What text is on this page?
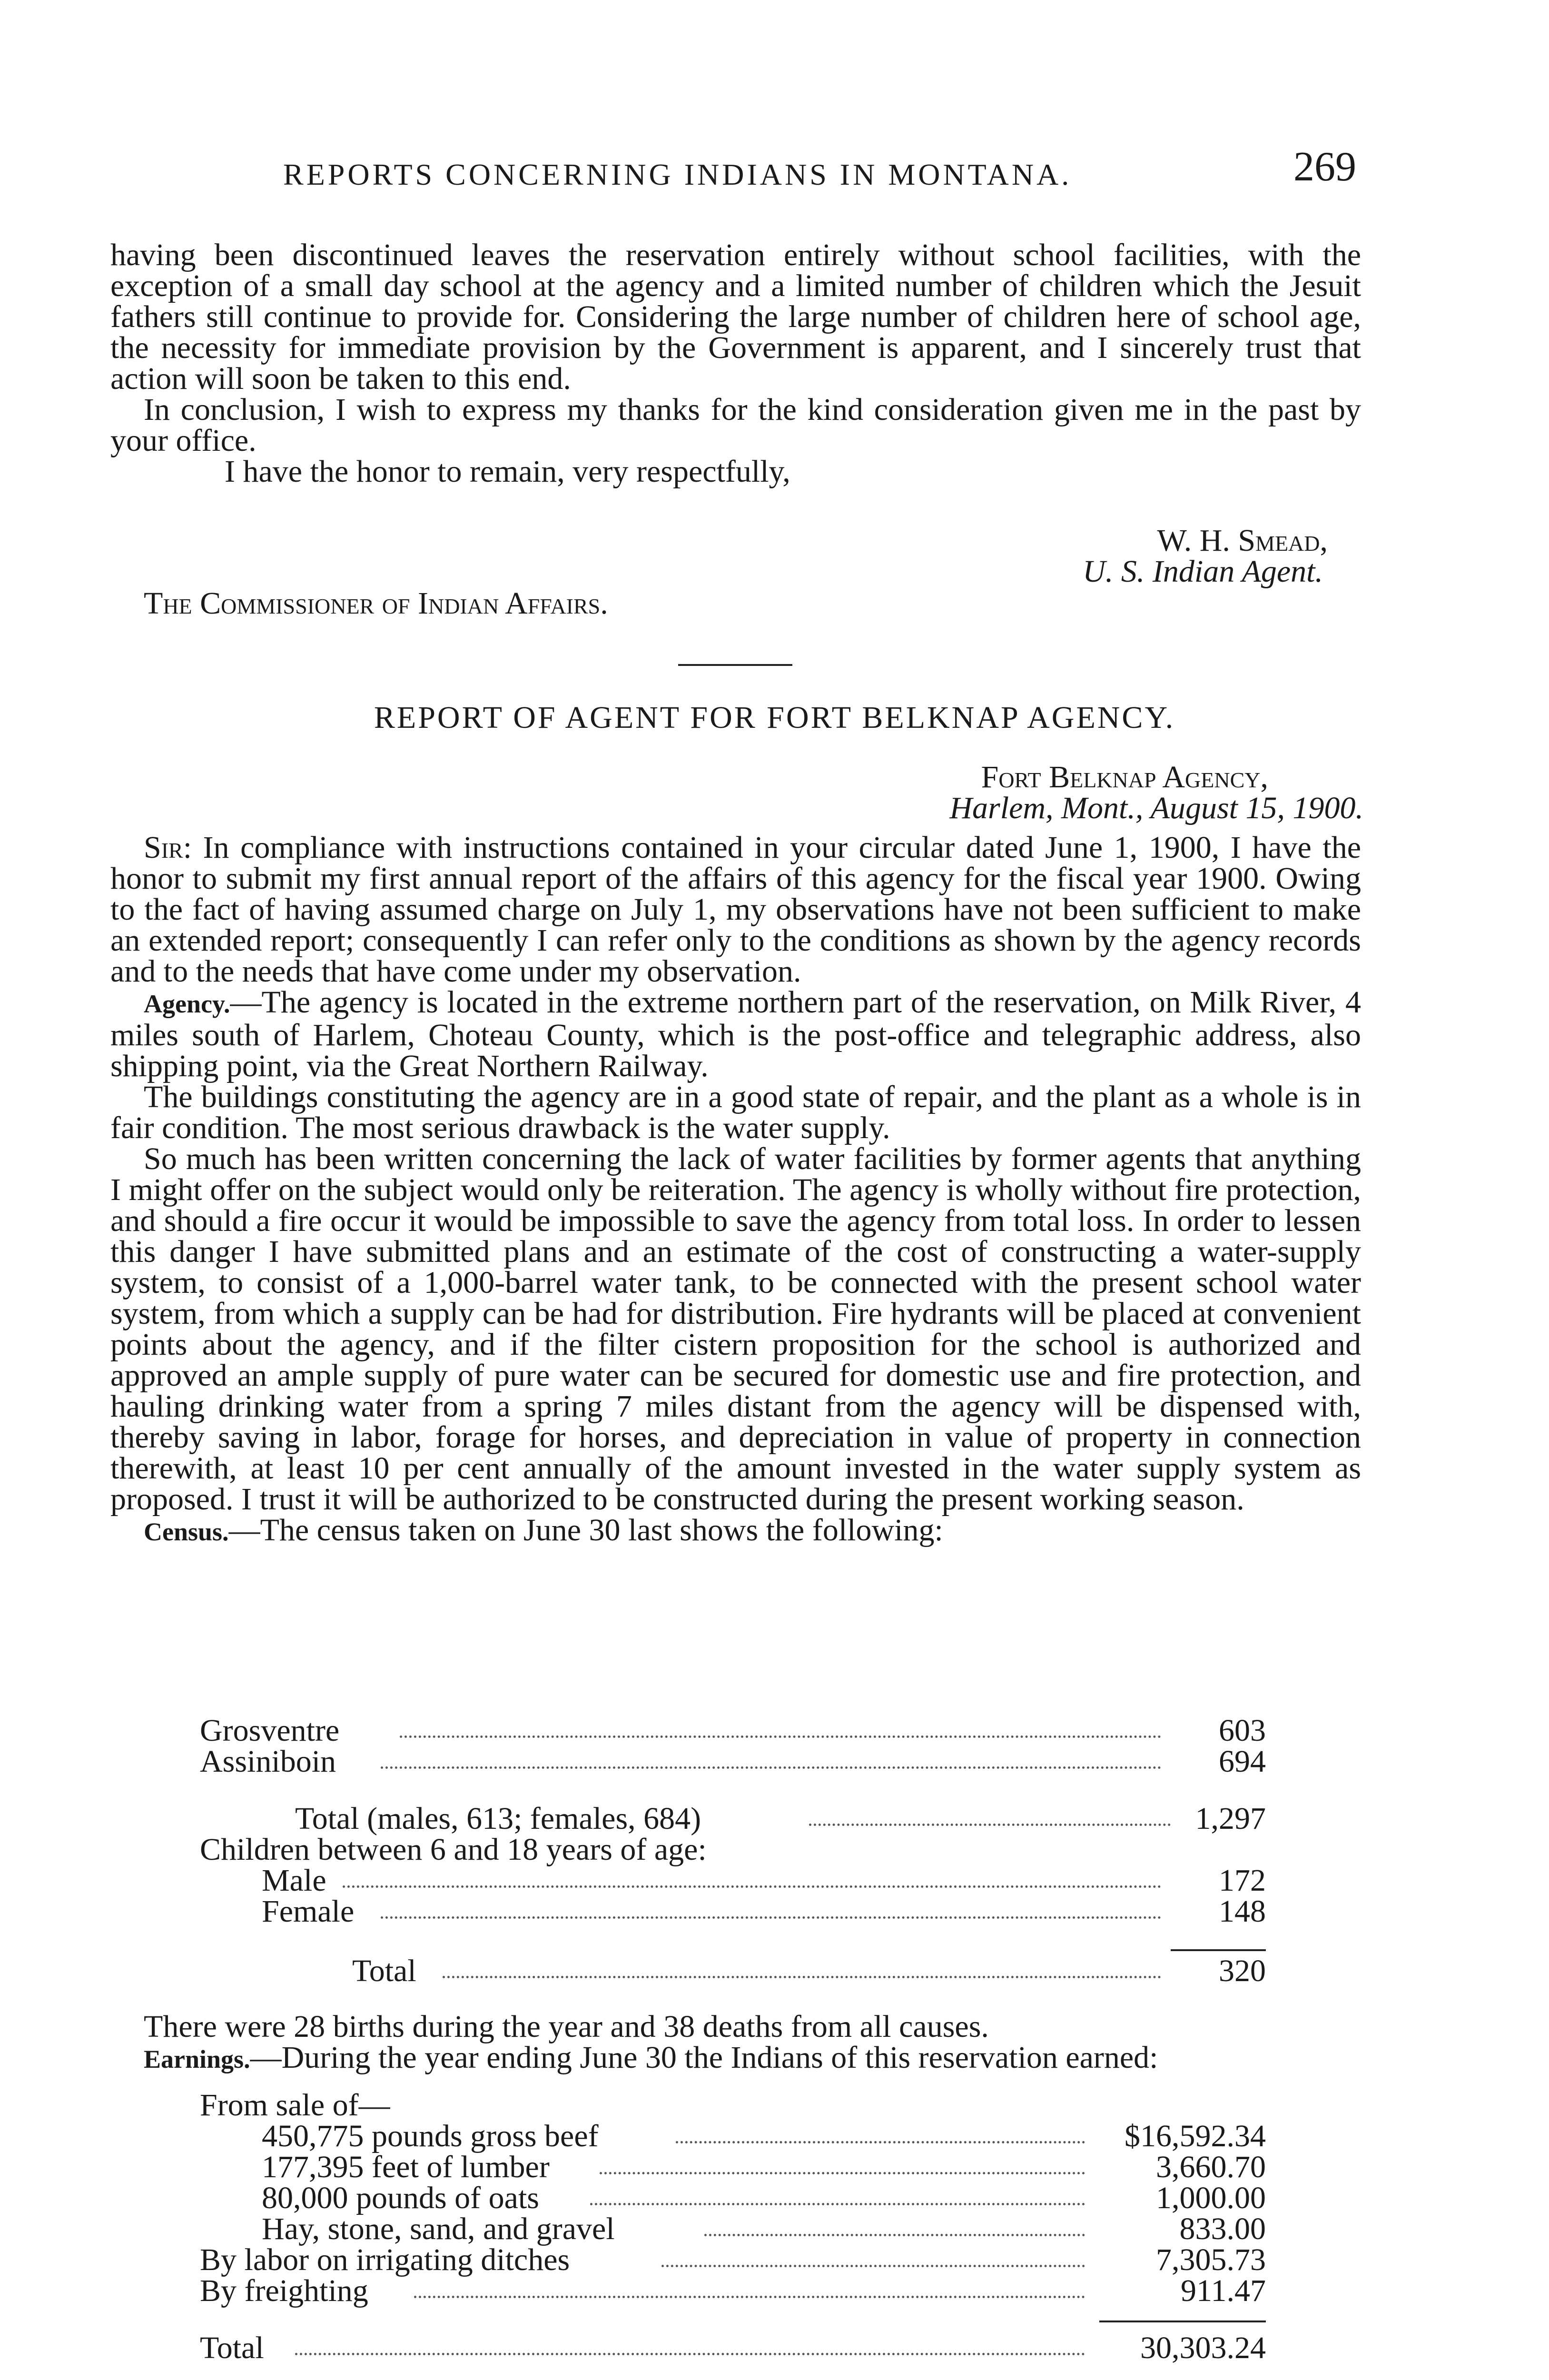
REPORTS CONCERNING INDIANS IN MONTANA.	269

having been discontinued leaves the reservation entirely without school facilities, with the exception of a small day school at the agency and a limited number of children which the Jesuit fathers still continue to provide for. Considering the large number of children here of school age, the necessity for immediate provision by the Government is apparent, and I sincerely trust that action will soon be taken to this end.

In conclusion, I wish to express my thanks for the kind consideration given me in the past by your office.

I have the honor to remain, very respectfully,

W. H. Smead,
U. S. Indian Agent.
The Commissioner of Indian Affairs.
REPORT OF AGENT FOR FORT BELKNAP AGENCY.
Fort Belknap Agency,
Harlem, Mont., August 15, 1900.

Sir: In compliance with instructions contained in your circular dated June 1, 1900, I have the honor to submit my first annual report of the affairs of this agency for the fiscal year 1900. Owing to the fact of having assumed charge on July 1, my observations have not been sufficient to make an extended report; consequently I can refer only to the conditions as shown by the agency records and to the needs that have come under my observation.

Agency.—The agency is located in the extreme northern part of the reservation, on Milk River, 4 miles south of Harlem, Choteau County, which is the post-office and telegraphic address, also shipping point, via the Great Northern Railway.

The buildings constituting the agency are in a good state of repair, and the plant as a whole is in fair condition. The most serious drawback is the water supply.

So much has been written concerning the lack of water facilities by former agents that anything I might offer on the subject would only be reiteration. The agency is wholly without fire protection, and should a fire occur it would be impossible to save the agency from total loss. In order to lessen this danger I have submitted plans and an estimate of the cost of constructing a water-supply system, to consist of a 1,000-barrel water tank, to be connected with the present school water system, from which a supply can be had for distribution. Fire hydrants will be placed at convenient points about the agency, and if the filter cistern proposition for the school is authorized and approved an ample supply of pure water can be secured for domestic use and fire protection, and hauling drinking water from a spring 7 miles distant from the agency will be dispensed with, thereby saving in labor, forage for horses, and depreciation in value of property in connection therewith, at least 10 per cent annually of the amount invested in the water supply system as proposed. I trust it will be authorized to be constructed during the present working season.

Census.—The census taken on June 30 last shows the following:

Grosventre	603
Assiniboin	694
Total (males, 613; females, 684)	1,297
Children between 6 and 18 years of age:
Male	172
Female	148
Total	320

There were 28 births during the year and 38 deaths from all causes.

Earnings.—During the year ending June 30 the Indians of this reservation earned:

From sale of—
450,775 pounds gross beef	$16,592.34
177,395 feet of lumber	3,660.70
80,000 pounds of oats	1,000.00
Hay, stone, sand, and gravel	833.00
By labor on irrigating ditches	7,305.73
By freighting	911.47
Total	30,303.24
